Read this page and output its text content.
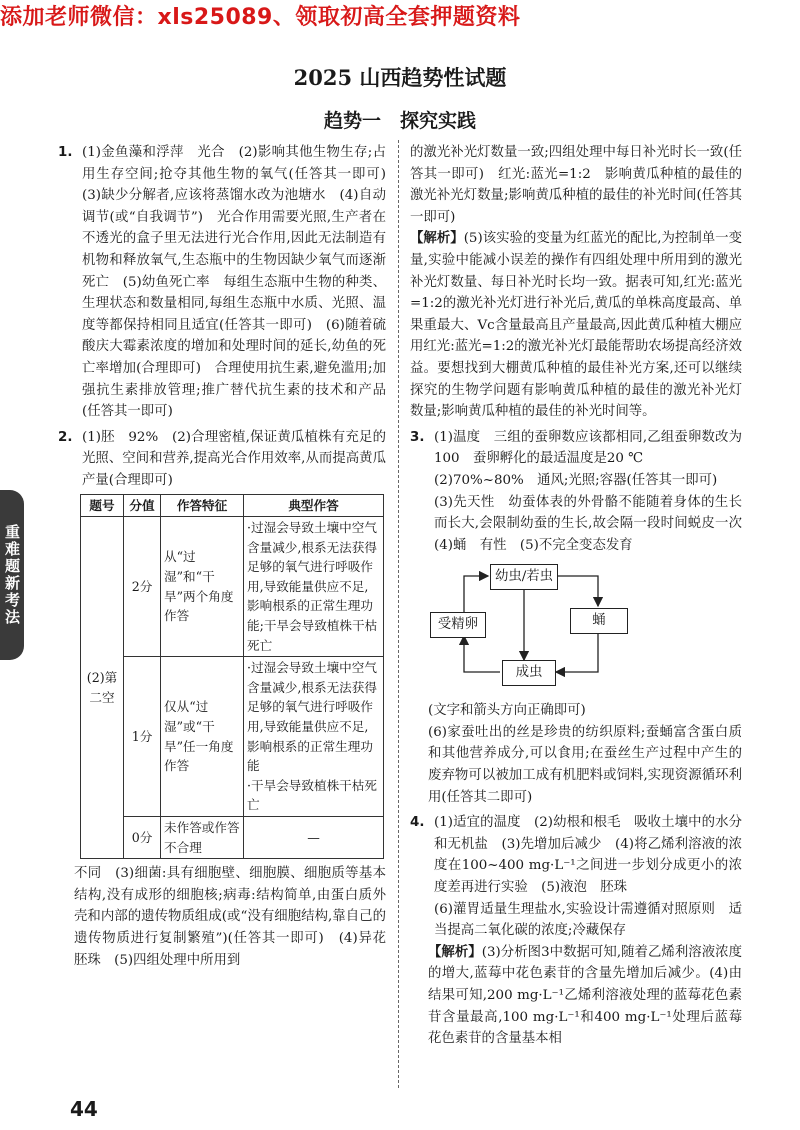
添加老师微信：xls25089、领取初高全套押题资料
2025 山西趋势性试题
趋势一　探究实践
重难题新考法
1. (1)金鱼藻和浮萍　光合　(2)影响其他生物生存;占用生存空间;抢夺其他生物的氧气(任答其一即可)　(3)缺少分解者,应该将蒸馏水改为池塘水　(4)自动调节(或“自我调节”)　光合作用需要光照,生产者在不透光的盒子里无法进行光合作用,因此无法制造有机物和释放氧气,生态瓶中的生物因缺少氧气而逐渐死亡　(5)幼鱼死亡率　每组生态瓶中生物的种类、生理状态和数量相同,每组生态瓶中水质、光照、温度等都保持相同且适宜(任答其一即可)　(6)随着硫酸庆大霉素浓度的增加和处理时间的延长,幼鱼的死亡率增加(合理即可)　合理使用抗生素,避免滥用;加强抗生素排放管理;推广替代抗生素的技术和产品(任答其一即可)

2. (1)胚　92%　(2)合理密植,保证黄瓜植株有充足的光照、空间和营养,提高光合作用效率,从而提高黄瓜产量(合理即可)

题号	分值	作答特征	典型作答
(2)第二空	2分	从“过湿”和“干旱”两个角度作答	·过湿会导致土壤中空气含量减少,根系无法获得足够的氧气进行呼吸作用,导致能量供应不足,影响根系的正常生理功能;干旱会导致植株干枯死亡
	1分	仅从“过湿”或“干旱”任一角度作答	·过湿会导致土壤中空气含量减少,根系无法获得足够的氧气进行呼吸作用,导致能量供应不足,影响根系的正常生理功能
·干旱会导致植株干枯死亡

	0分	未作答或作答不合理	—

不同　(3)细菌:具有细胞壁、细胞膜、细胞质等基本结构,没有成形的细胞核;病毒:结构简单,由蛋白质外壳和内部的遗传物质组成(或“没有细胞结构,靠自己的遗传物质进行复制繁殖”)(任答其一即可)　(4)异花　胚珠　(5)四组处理中所用到

的激光补光灯数量一致;四组处理中每日补光时长一致(任答其一即可)　红光:蓝光=1:2　影响黄瓜种植的最佳的激光补光灯数量;影响黄瓜种植的最佳的补光时间(任答其一即可)

【解析】(5)该实验的变量为红蓝光的配比,为控制单一变量,实验中能减小误差的操作有四组处理中所用到的激光补光灯数量、每日补光时长均一致。据表可知,红光:蓝光=1:2的激光补光灯进行补光后,黄瓜的单株高度最高、单果重最大、Vc含量最高且产量最高,因此黄瓜种植大棚应用红光:蓝光=1:2的激光补光灯最能帮助农场提高经济效益。要想找到大棚黄瓜种植的最佳补光方案,还可以继续探究的生物学问题有影响黄瓜种植的最佳的激光补光灯数量;影响黄瓜种植的最佳的补光时间等。

3. (1)温度　三组的蚕卵数应该都相同,乙组蚕卵数改为100　蚕卵孵化的最适温度是20 ℃

(2)70%~80%　通风;光照;容器(任答其一即可)

(3)先天性　幼蚕体表的外骨骼不能随着身体的生长而长大,会限制幼蚕的生长,故会隔一段时间蜕皮一次　(4)蛹　有性　(5)不完全变态发育

幼虫/若虫
受精卵	蛹
成虫

(文字和箭头方向正确即可)

(6)家蚕吐出的丝是珍贵的纺织原料;蚕蛹富含蛋白质和其他营养成分,可以食用;在蚕丝生产过程中产生的废弃物可以被加工成有机肥料或饲料,实现资源循环利用(任答其二即可)

4. (1)适宜的温度　(2)幼根和根毛　吸收土壤中的水分和无机盐　(3)先增加后减少　(4)将乙烯利溶液的浓度在100~400 mg·L⁻¹之间进一步划分成更小的浓度差再进行实验　(5)液泡　胚珠

(6)灌胃适量生理盐水,实验设计需遵循对照原则　适当提高二氧化碳的浓度;冷藏保存

【解析】(3)分析图3中数据可知,随着乙烯利溶液浓度的增大,蓝莓中花色素苷的含量先增加后减少。(4)由结果可知,200 mg·L⁻¹乙烯利溶液处理的蓝莓花色素苷含量最高,100 mg·L⁻¹和400 mg·L⁻¹处理后蓝莓花色素苷的含量基本相

44
